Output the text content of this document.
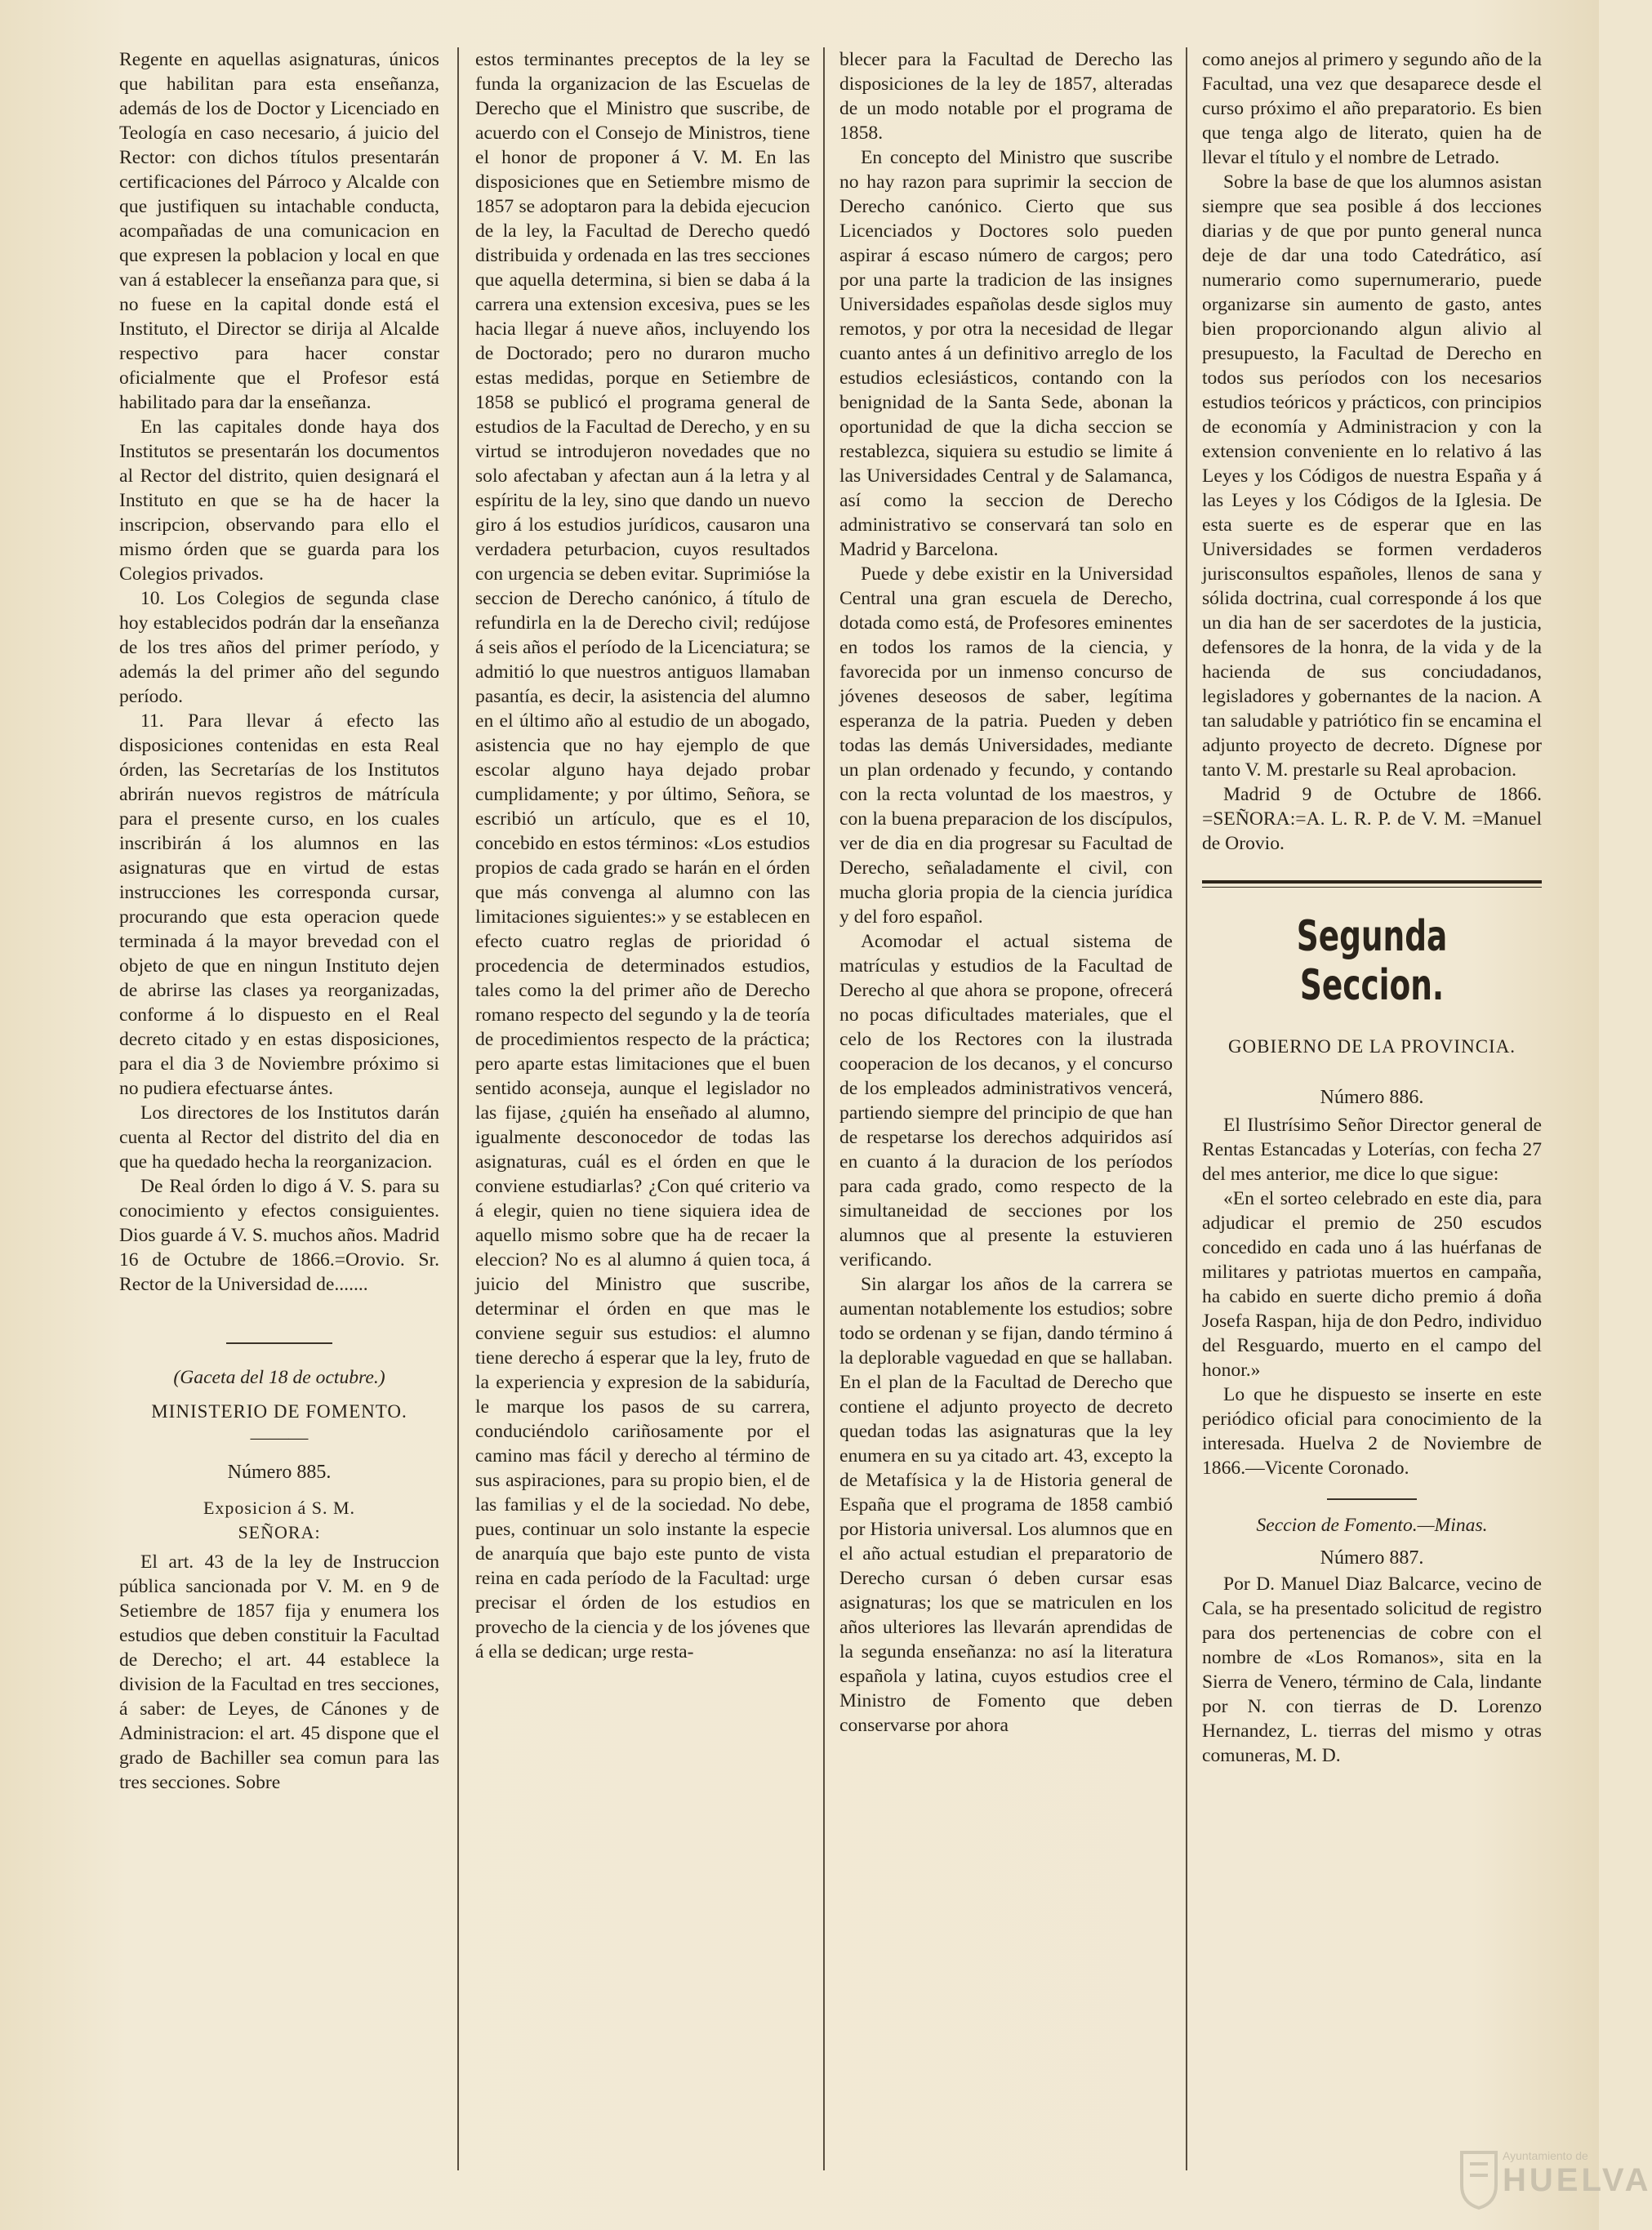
Regente en aquellas asignaturas, únicos que habilitan para esta enseñanza, además de los de Doctor y Licenciado en Teología en caso necesario, á juicio del Rector: con dichos títulos presentarán certificaciones del Párroco y Alcalde con que justifiquen su intachable conducta, acompañadas de una comunicacion en que expresen la poblacion y local en que van á establecer la enseñanza para que, si no fuese en la capital donde está el Instituto, el Director se dirija al Alcalde respectivo para hacer constar oficialmente que el Profesor está habilitado para dar la enseñanza.

En las capitales donde haya dos Institutos se presentarán los documentos al Rector del distrito, quien designará el Instituto en que se ha de hacer la inscripcion, observando para ello el mismo órden que se guarda para los Colegios privados.

10. Los Colegios de segunda clase hoy establecidos podrán dar la enseñanza de los tres años del primer período, y además la del primer año del segundo período.

11. Para llevar á efecto las disposiciones contenidas en esta Real órden, las Secretarías de los Institutos abrirán nuevos registros de mátrícula para el presente curso, en los cuales inscribirán á los alumnos en las asignaturas que en virtud de estas instrucciones les corresponda cursar, procurando que esta operacion quede terminada á la mayor brevedad con el objeto de que en ningun Instituto dejen de abrirse las clases ya reorganizadas, conforme á lo dispuesto en el Real decreto citado y en estas disposiciones, para el dia 3 de Noviembre próximo si no pudiera efectuarse ántes.

Los directores de los Institutos darán cuenta al Rector del distrito del dia en que ha quedado hecha la reorganizacion.

De Real órden lo digo á V. S. para su conocimiento y efectos consiguientes. Dios guarde á V. S. muchos años. Madrid 16 de Octubre de 1866.=Orovio. Sr. Rector de la Universidad de.......

(Gaceta del 18 de octubre.)
MINISTERIO DE FOMENTO.
———
Número 885.
Exposicion á S. M.
SEÑORA:

El art. 43 de la ley de Instruccion pública sancionada por V. M. en 9 de Setiembre de 1857 fija y enumera los estudios que deben constituir la Facultad de Derecho; el art. 44 establece la division de la Facultad en tres secciones, á saber: de Leyes, de Cánones y de Administracion: el art. 45 dispone que el grado de Bachiller sea comun para las tres secciones. Sobre

estos terminantes preceptos de la ley se funda la organizacion de las Escuelas de Derecho que el Ministro que suscribe, de acuerdo con el Consejo de Ministros, tiene el honor de proponer á V. M. En las disposiciones que en Setiembre mismo de 1857 se adoptaron para la debida ejecucion de la ley, la Facultad de Derecho quedó distribuida y ordenada en las tres secciones que aquella determina, si bien se daba á la carrera una extension excesiva, pues se les hacia llegar á nueve años, incluyendo los de Doctorado; pero no duraron mucho estas medidas, porque en Setiembre de 1858 se publicó el programa general de estudios de la Facultad de Derecho, y en su virtud se introdujeron novedades que no solo afectaban y afectan aun á la letra y al espíritu de la ley, sino que dando un nuevo giro á los estudios jurídicos, causaron una verdadera peturbacion, cuyos resultados con urgencia se deben evitar. Suprimióse la seccion de Derecho canónico, á título de refundirla en la de Derecho civil; redújose á seis años el período de la Licenciatura; se admitió lo que nuestros antiguos llamaban pasantía, es decir, la asistencia del alumno en el último año al estudio de un abogado, asistencia que no hay ejemplo de que escolar alguno haya dejado probar cumplidamente; y por último, Señora, se escribió un artículo, que es el 10, concebido en estos términos: «Los estudios propios de cada grado se harán en el órden que más convenga al alumno con las limitaciones siguientes:» y se establecen en efecto cuatro reglas de prioridad ó procedencia de determinados estudios, tales como la del primer año de Derecho romano respecto del segundo y la de teoría de procedimientos respecto de la práctica; pero aparte estas limitaciones que el buen sentido aconseja, aunque el legislador no las fijase, ¿quién ha enseñado al alumno, igualmente desconocedor de todas las asignaturas, cuál es el órden en que le conviene estudiarlas? ¿Con qué criterio va á elegir, quien no tiene siquiera idea de aquello mismo sobre que ha de recaer la eleccion? No es al alumno á quien toca, á juicio del Ministro que suscribe, determinar el órden en que mas le conviene seguir sus estudios: el alumno tiene derecho á esperar que la ley, fruto de la experiencia y expresion de la sabiduría, le marque los pasos de su carrera, conduciéndolo cariñosamente por el camino mas fácil y derecho al término de sus aspiraciones, para su propio bien, el de las familias y el de la sociedad. No debe, pues, continuar un solo instante la especie de anarquía que bajo este punto de vista reina en cada período de la Facultad: urge precisar el órden de los estudios en provecho de la ciencia y de los jóvenes que á ella se dedican; urge resta-

blecer para la Facultad de Derecho las disposiciones de la ley de 1857, alteradas de un modo notable por el programa de 1858.

En concepto del Ministro que suscribe no hay razon para suprimir la seccion de Derecho canónico. Cierto que sus Licenciados y Doctores solo pueden aspirar á escaso número de cargos; pero por una parte la tradicion de las insignes Universidades españolas desde siglos muy remotos, y por otra la necesidad de llegar cuanto antes á un definitivo arreglo de los estudios eclesiásticos, contando con la benignidad de la Santa Sede, abonan la oportunidad de que la dicha seccion se restablezca, siquiera su estudio se limite á las Universidades Central y de Salamanca, así como la seccion de Derecho administrativo se conservará tan solo en Madrid y Barcelona.

Puede y debe existir en la Universidad Central una gran escuela de Derecho, dotada como está, de Profesores eminentes en todos los ramos de la ciencia, y favorecida por un inmenso concurso de jóvenes deseosos de saber, legítima esperanza de la patria. Pueden y deben todas las demás Universidades, mediante un plan ordenado y fecundo, y contando con la recta voluntad de los maestros, y con la buena preparacion de los discípulos, ver de dia en dia progresar su Facultad de Derecho, señaladamente el civil, con mucha gloria propia de la ciencia jurídica y del foro español.

Acomodar el actual sistema de matrículas y estudios de la Facultad de Derecho al que ahora se propone, ofrecerá no pocas dificultades materiales, que el celo de los Rectores con la ilustrada cooperacion de los decanos, y el concurso de los empleados administrativos vencerá, partiendo siempre del principio de que han de respetarse los derechos adquiridos así en cuanto á la duracion de los períodos para cada grado, como respecto de la simultaneidad de secciones por los alumnos que al presente la estuvieren verificando.

Sin alargar los años de la carrera se aumentan notablemente los estudios; sobre todo se ordenan y se fijan, dando término á la deplorable vaguedad en que se hallaban. En el plan de la Facultad de Derecho que contiene el adjunto proyecto de decreto quedan todas las asignaturas que la ley enumera en su ya citado art. 43, excepto la de Metafísica y la de Historia general de España que el programa de 1858 cambió por Historia universal. Los alumnos que en el año actual estudian el preparatorio de Derecho cursan ó deben cursar esas asignaturas; los que se matriculen en los años ulteriores las llevarán aprendidas de la segunda enseñanza: no así la literatura española y latina, cuyos estudios cree el Ministro de Fomento que deben conservarse por ahora

como anejos al primero y segundo año de la Facultad, una vez que desaparece desde el curso próximo el año preparatorio. Es bien que tenga algo de literato, quien ha de llevar el título y el nombre de Letrado.

Sobre la base de que los alumnos asistan siempre que sea posible á dos lecciones diarias y de que por punto general nunca deje de dar una todo Catedrático, así numerario como supernumerario, puede organizarse sin aumento de gasto, antes bien proporcionando algun alivio al presupuesto, la Facultad de Derecho en todos sus períodos con los necesarios estudios teóricos y prácticos, con principios de economía y Administracion y con la extension conveniente en lo relativo á las Leyes y los Códigos de nuestra España y á las Leyes y los Códigos de la Iglesia. De esta suerte es de esperar que en las Universidades se formen verdaderos jurisconsultos españoles, llenos de sana y sólida doctrina, cual corresponde á los que un dia han de ser sacerdotes de la justicia, defensores de la honra, de la vida y de la hacienda de sus conciudadanos, legisladores y gobernantes de la nacion. A tan saludable y patriótico fin se encamina el adjunto proyecto de decreto. Dígnese por tanto V. M. prestarle su Real aprobacion.

Madrid 9 de Octubre de 1866. =SEÑORA:=A. L. R. P. de V. M. =Manuel de Orovio.

Segunda Seccion.
GOBIERNO DE LA PROVINCIA.
Número 886.

El Ilustrísimo Señor Director general de Rentas Estancadas y Loterías, con fecha 27 del mes anterior, me dice lo que sigue:

«En el sorteo celebrado en este dia, para adjudicar el premio de 250 escudos concedido en cada uno á las huérfanas de militares y patriotas muertos en campaña, ha cabido en suerte dicho premio á doña Josefa Raspan, hija de don Pedro, individuo del Resguardo, muerto en el campo del honor.»

Lo que he dispuesto se inserte en este periódico oficial para conocimiento de la interesada. Huelva 2 de Noviembre de 1866.—Vicente Coronado.

Seccion de Fomento.—Minas.
Número 887.

Por D. Manuel Diaz Balcarce, vecino de Cala, se ha presentado solicitud de registro para dos pertenencias de cobre con el nombre de «Los Romanos», sita en la Sierra de Venero, término de Cala, lindante por N. con tierras de D. Lorenzo Hernandez, L. tierras del mismo y otras comuneras, M. D.

Ayuntamiento de
HUELVA
